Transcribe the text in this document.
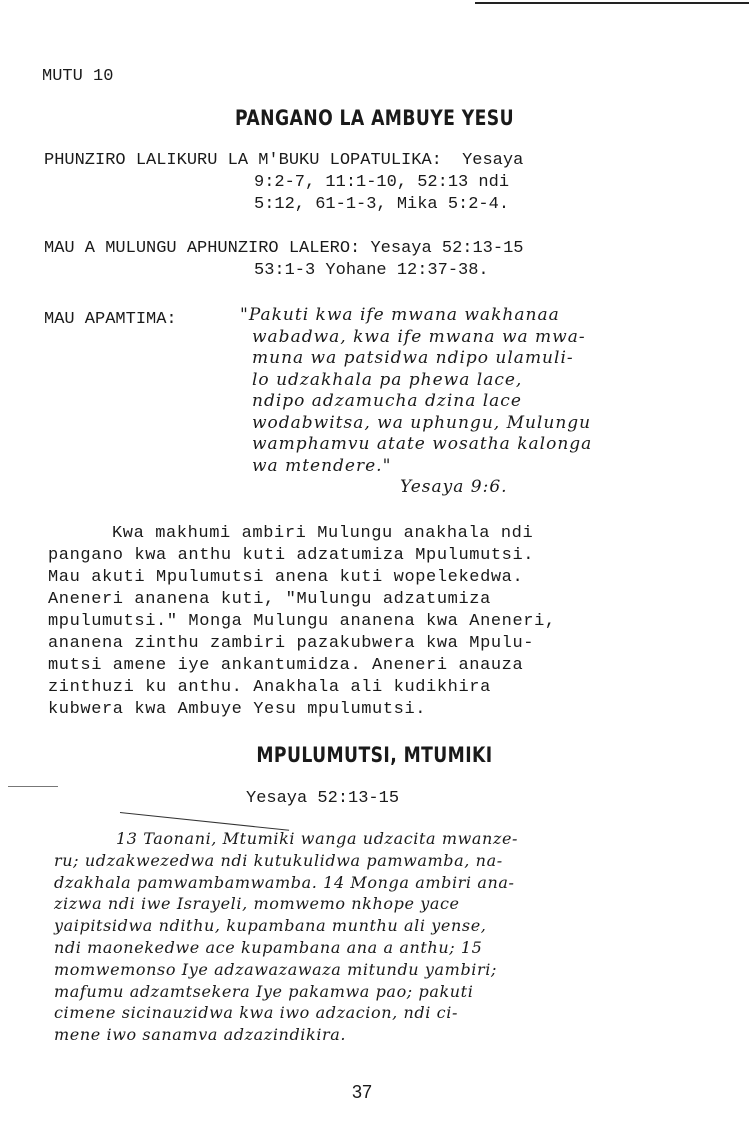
MUTU 10
PANGANO LA AMBUYE YESU
PHUNZIRO LALIKURU LA M'BUKU LOPATULIKA: Yesaya
9:2-7, 11:1-10, 52:13 ndi
5:12, 61-1-3, Mika 5:2-4.
MAU A MULUNGU APHUNZIRO LALERO: Yesaya 52:13-15
53:1-3 Yohane 12:37-38.
MAU APAMTIMA:	"Pakuti kwa ife mwana wakhanaa
wabadwa, kwa ife mwana wa mwa-
muna wa patsidwa ndipo ulamuli-
lo udzakhala pa phewa lace,
ndipo adzamucha dzina lace
wodabwitsa, wa uphungu, Mulungu
wamphamvu atate wosatha kalonga
wa mtendere."
Yesaya 9:6.
Kwa makhumi ambiri Mulungu anakhala ndi
pangano kwa anthu kuti adzatumiza Mpulumutsi.
Mau akuti Mpulumutsi anena kuti wopelekedwa.
Aneneri ananena kuti, "Mulungu adzatumiza
mpulumutsi." Monga Mulungu ananena kwa Aneneri,
ananena zinthu zambiri pazakubwera kwa Mpulu-
mutsi amene iye ankantumidza. Aneneri anauza
zinthuzi ku anthu. Anakhala ali kudikhira
kubwera kwa Ambuye Yesu mpulumutsi.
MPULUMUTSI, MTUMIKI
Yesaya 52:13-15
13 Taonani, Mtumiki wanga udzacita mwanze-
ru; udzakwezedwa ndi kutukulidwa pamwamba, na-
dzakhala pamwambamwamba. 14 Monga ambiri ana-
zizwa ndi iwe Israyeli, momwemo nkhope yace
yaipitsidwa ndithu, kupambana munthu ali yense,
ndi maonekedwe ace kupambana ana a anthu; 15
momwemonso Iye adzawazawaza mitundu yambiri;
mafumu adzamtsekera Iye pakamwa pao; pakuti
cimene sicinauzidwa kwa iwo adzacion, ndi ci-
mene iwo sanamva adzazindikira.
37
